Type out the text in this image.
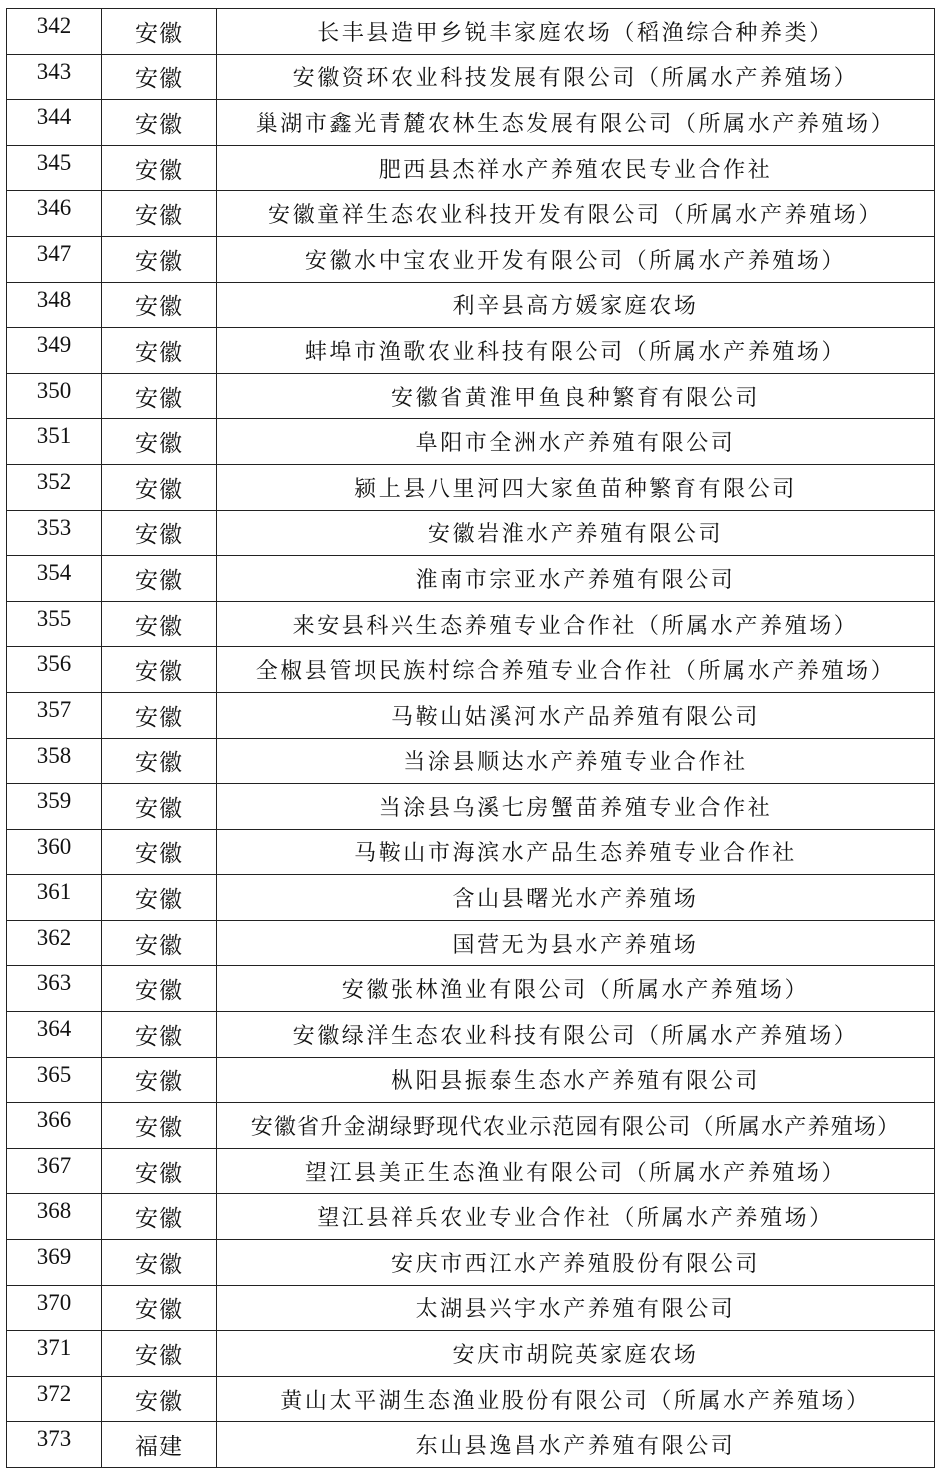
342	安徽	长丰县造甲乡锐丰家庭农场（稻渔综合种养类）
343	安徽	安徽资环农业科技发展有限公司（所属水产养殖场）
344	安徽	巢湖市鑫光青麓农林生态发展有限公司（所属水产养殖场）
345	安徽	肥西县杰祥水产养殖农民专业合作社
346	安徽	安徽童祥生态农业科技开发有限公司（所属水产养殖场）
347	安徽	安徽水中宝农业开发有限公司（所属水产养殖场）
348	安徽	利辛县高方媛家庭农场
349	安徽	蚌埠市渔歌农业科技有限公司（所属水产养殖场）
350	安徽	安徽省黄淮甲鱼良种繁育有限公司
351	安徽	阜阳市全洲水产养殖有限公司
352	安徽	颍上县八里河四大家鱼苗种繁育有限公司
353	安徽	安徽岩淮水产养殖有限公司
354	安徽	淮南市宗亚水产养殖有限公司
355	安徽	来安县科兴生态养殖专业合作社（所属水产养殖场）
356	安徽	全椒县管坝民族村综合养殖专业合作社（所属水产养殖场）
357	安徽	马鞍山姑溪河水产品养殖有限公司
358	安徽	当涂县顺达水产养殖专业合作社
359	安徽	当涂县乌溪七房蟹苗养殖专业合作社
360	安徽	马鞍山市海滨水产品生态养殖专业合作社
361	安徽	含山县曙光水产养殖场
362	安徽	国营无为县水产养殖场
363	安徽	安徽张林渔业有限公司（所属水产养殖场）
364	安徽	安徽绿洋生态农业科技有限公司（所属水产养殖场）
365	安徽	枞阳县振泰生态水产养殖有限公司
366	安徽	安徽省升金湖绿野现代农业示范园有限公司（所属水产养殖场）
367	安徽	望江县美正生态渔业有限公司（所属水产养殖场）
368	安徽	望江县祥兵农业专业合作社（所属水产养殖场）
369	安徽	安庆市西江水产养殖股份有限公司
370	安徽	太湖县兴宇水产养殖有限公司
371	安徽	安庆市胡院英家庭农场
372	安徽	黄山太平湖生态渔业股份有限公司（所属水产养殖场）
373	福建	东山县逸昌水产养殖有限公司
